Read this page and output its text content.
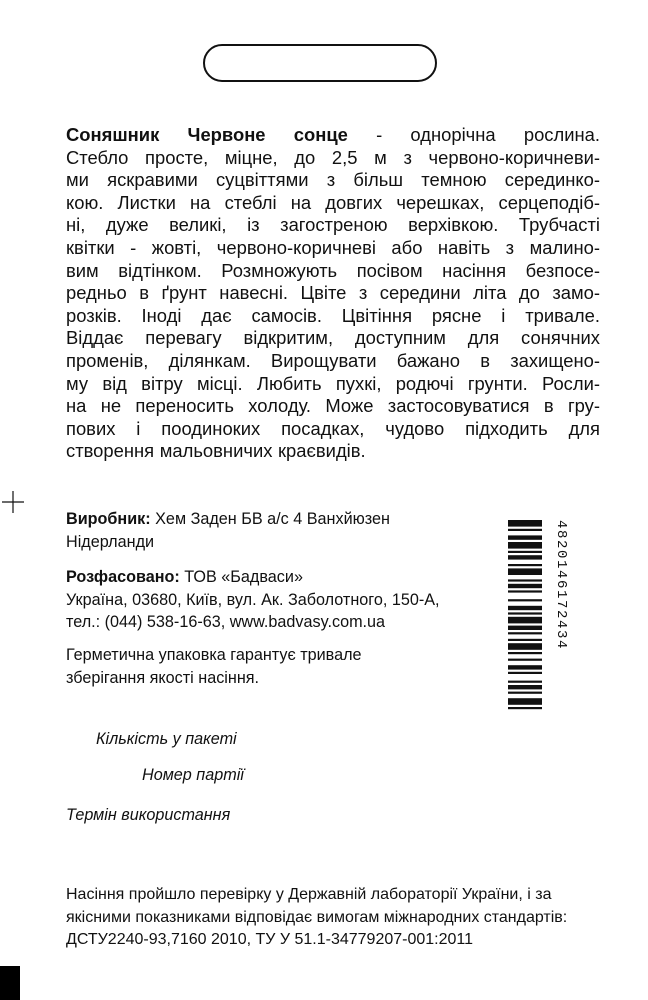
Соняшник Червоне сонце - однорічна рослина.
Стебло просте, міцне, до 2,5 м з червоно-коричневи-
ми яскравими суцвіттями з більш темною серединко-
кою. Листки на стеблі на довгих черешках, серцеподіб-
ні, дуже великі, із загостреною верхівкою. Трубчасті
квітки - жовті, червоно-коричневі або навіть з малино-
вим відтінком. Розмножують посівом насіння безпосе-
редньо в ґрунт навесні. Цвіте з середини літа до замо-
розків. Іноді дає самосів. Цвітіння рясне і тривале.
Віддає перевагу відкритим, доступним для сонячних
променів, ділянкам. Вирощувати бажано в захищено-
му від вітру місці. Любить пухкі, родючі грунти. Росли-
на не переносить холоду. Може застосовуватися в гру-
пових і поодиноких посадках, чудово підходить для
створення мальовничих краєвидів.
Виробник: Хем Заден БВ а/с 4 Ванхйюзен
Нідерланди
Розфасовано: ТОВ «Бадваси»
Україна, 03680, Київ, вул. Ак. Заболотного, 150-А,
тел.: (044) 538-16-63, www.badvasy.com.ua
Герметична упаковка гарантує тривале
зберігання якості насіння.
Кількість у пакеті
Номер партії
Термін використання
Насіння пройшло перевірку у Державній лабораторії України, і за
якісними показниками відповідає вимогам міжнародних стандартів:
ДСТУ2240-93,7160 2010, ТУ У 51.1-34779207-001:2011
4820146172434
